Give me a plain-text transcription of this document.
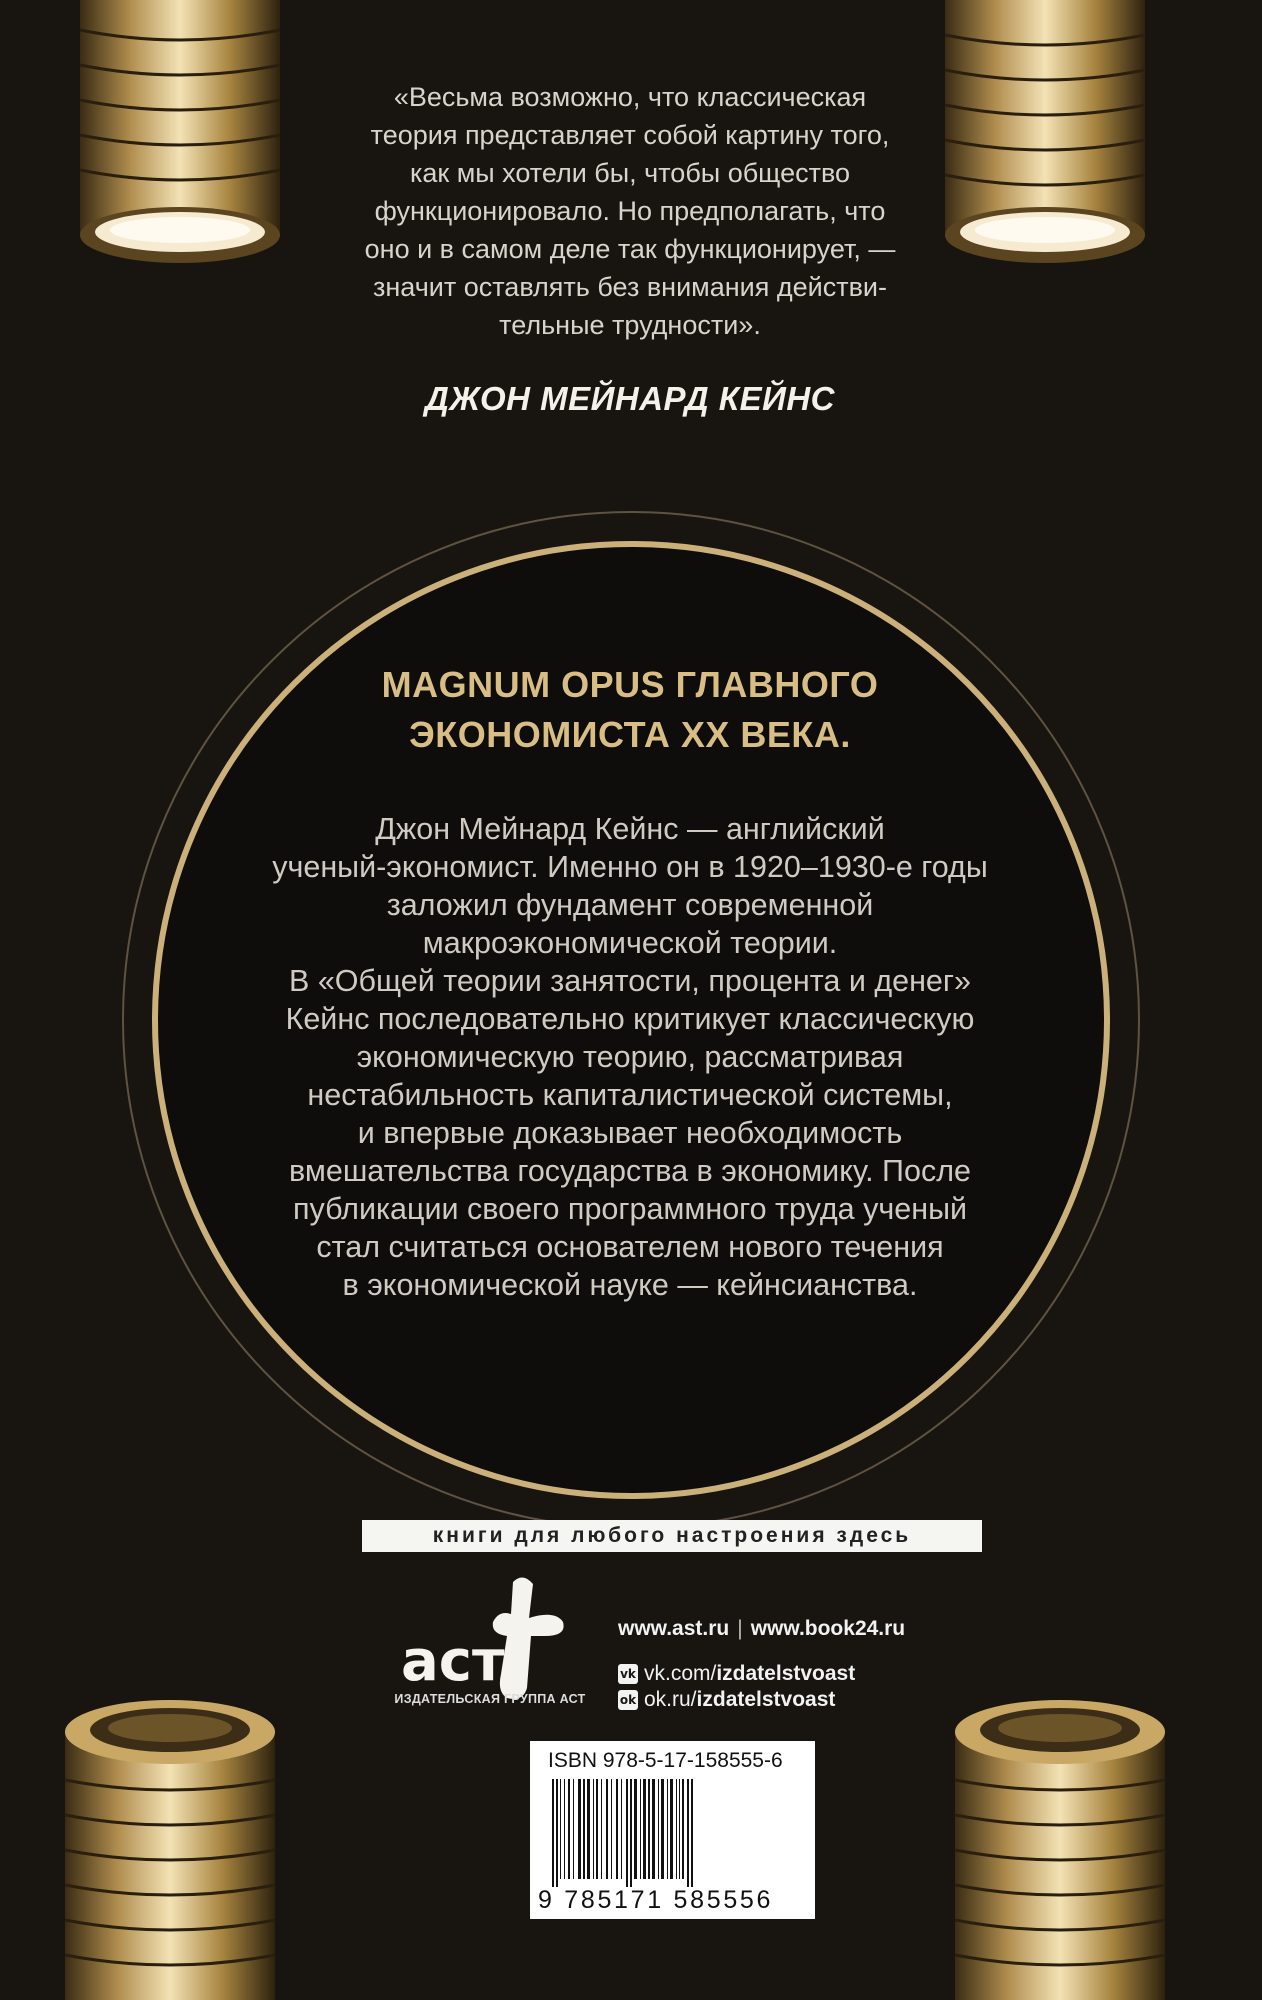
«Весьма возможно, что классическая
теория представляет собой картину того,
как мы хотели бы, чтобы общество
функционировало. Но предполагать, что
оно и в самом деле так функционирует, —
значит оставлять без внимания действи-
тельные трудности».
ДЖОН МЕЙНАРД КЕЙНС
MAGNUM OPUS ГЛАВНОГО
ЭКОНОМИСТА XX ВЕКА.
Джон Мейнард Кейнс — английский
ученый-экономист. Именно он в 1920–1930-е годы
заложил фундамент современной
макроэкономической теории.
В «Общей теории занятости, процента и денег»
Кейнс последовательно критикует классическую
экономическую теорию, рассматривая
нестабильность капиталистической системы,
и впервые доказывает необходимость
вмешательства государства в экономику. После
публикации своего программного труда ученый
стал считаться основателем нового течения
в экономической науке — кейнсианства.
книги для любого настроения здесь
аст
ИЗДАТЕЛЬСКАЯ ГРУППА АСТ
www.ast.ru | www.book24.ru
vk vk.com/ izdatelstvoast
ok ok.ru/ izdatelstvoast
ISBN 978-5-17-158555-6
9 785171 585556
